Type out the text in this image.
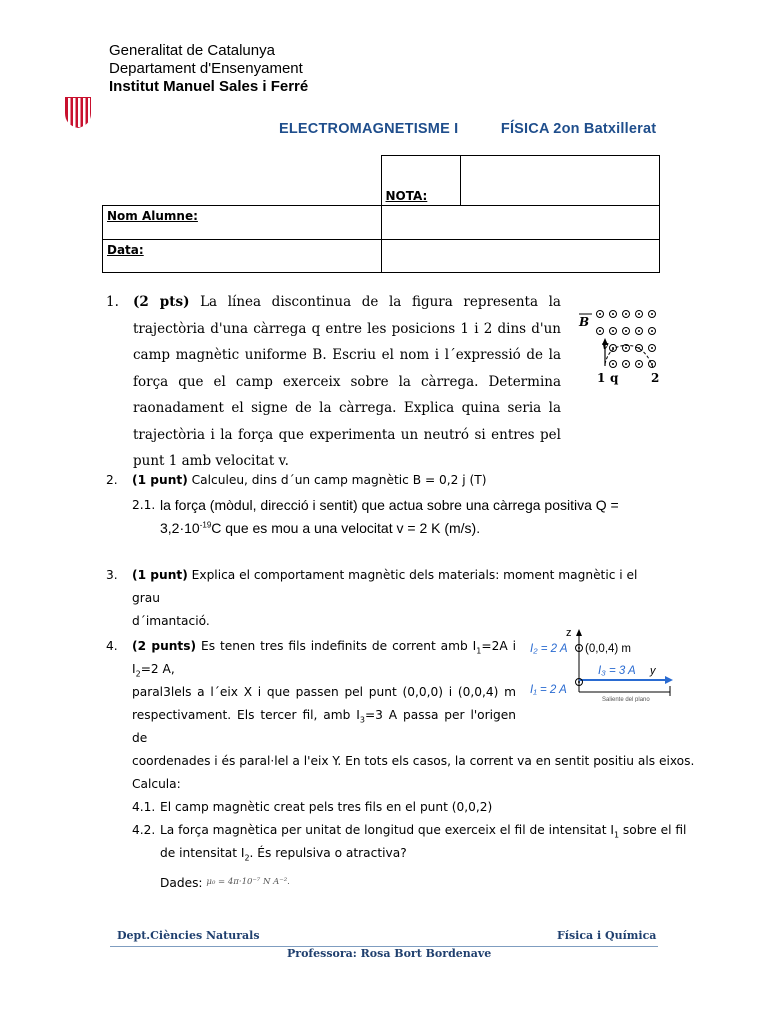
Generalitat de Catalunya
Departament d'Ensenyament
Institut Manuel Sales i Ferré
ELECTROMAGNETISME I	FÍSICA 2on Batxillerat
	NOTA:	
Nom Alumne:		
Data:		
1. (2 pts) La línea discontinua de la figura representa la trajectòria d'una càrrega q entre les posicions 1 i 2 dins d'un camp magnètic uniforme B. Escriu el nom i l´expressió de la força que el camp exerceix sobre la càrrega. Determina raonadament el signe de la càrrega. Explica quina seria la trajectòria i la força que experimenta un neutró si entres pel punt 1 amb velocitat v.
B
v
1 q	2
2. (1 punt) Calculeu, dins d´un camp magnètic B = 0,2 j (T)
2.1. la força (mòdul, direcció i sentit) que actua sobre una càrrega positiva Q =
$3,2\cdot 10^{-19}C$ que es mou a una velocitat v = 2 K (m/s).
3. (1 punt) Explica el comportament magnètic dels materials: moment magnètic i el grau
d´imantació.
4. (2 punts) Es tenen tres fils indefinits de corrent amb $I_1=2A$ i $I_2=2$ A,
paral3lels a l´eix X i que passen pel punt (0,0,0) i (0,0,4) m
respectivament. Els tercer fil, amb $I_3=3$ A passa per l'origen de
coordenades i és paral·lel a l'eix Y. En tots els casos, la corrent va en sentit positiu als eixos.
Calcula:
4.1. El camp magnètic creat pels tres fils en el punt (0,0,2)
4.2. La força magnètica per unitat de longitud que exerceix el fil de intensitat $I_1$ sobre el fil
de intensitat $I_2$. És repulsiva o atractiva?
Dades: $^{\mu_0 = 4\pi\cdot 10^{-7} N A^{-2}.}$
z
I₂ = 2 A (0,0,4) m
I₃ = 3 A y
I₁ = 2 A
Saliente del plano
Dept.Ciències Naturals	Física i Química
Professora: Rosa Bort Bordenave
